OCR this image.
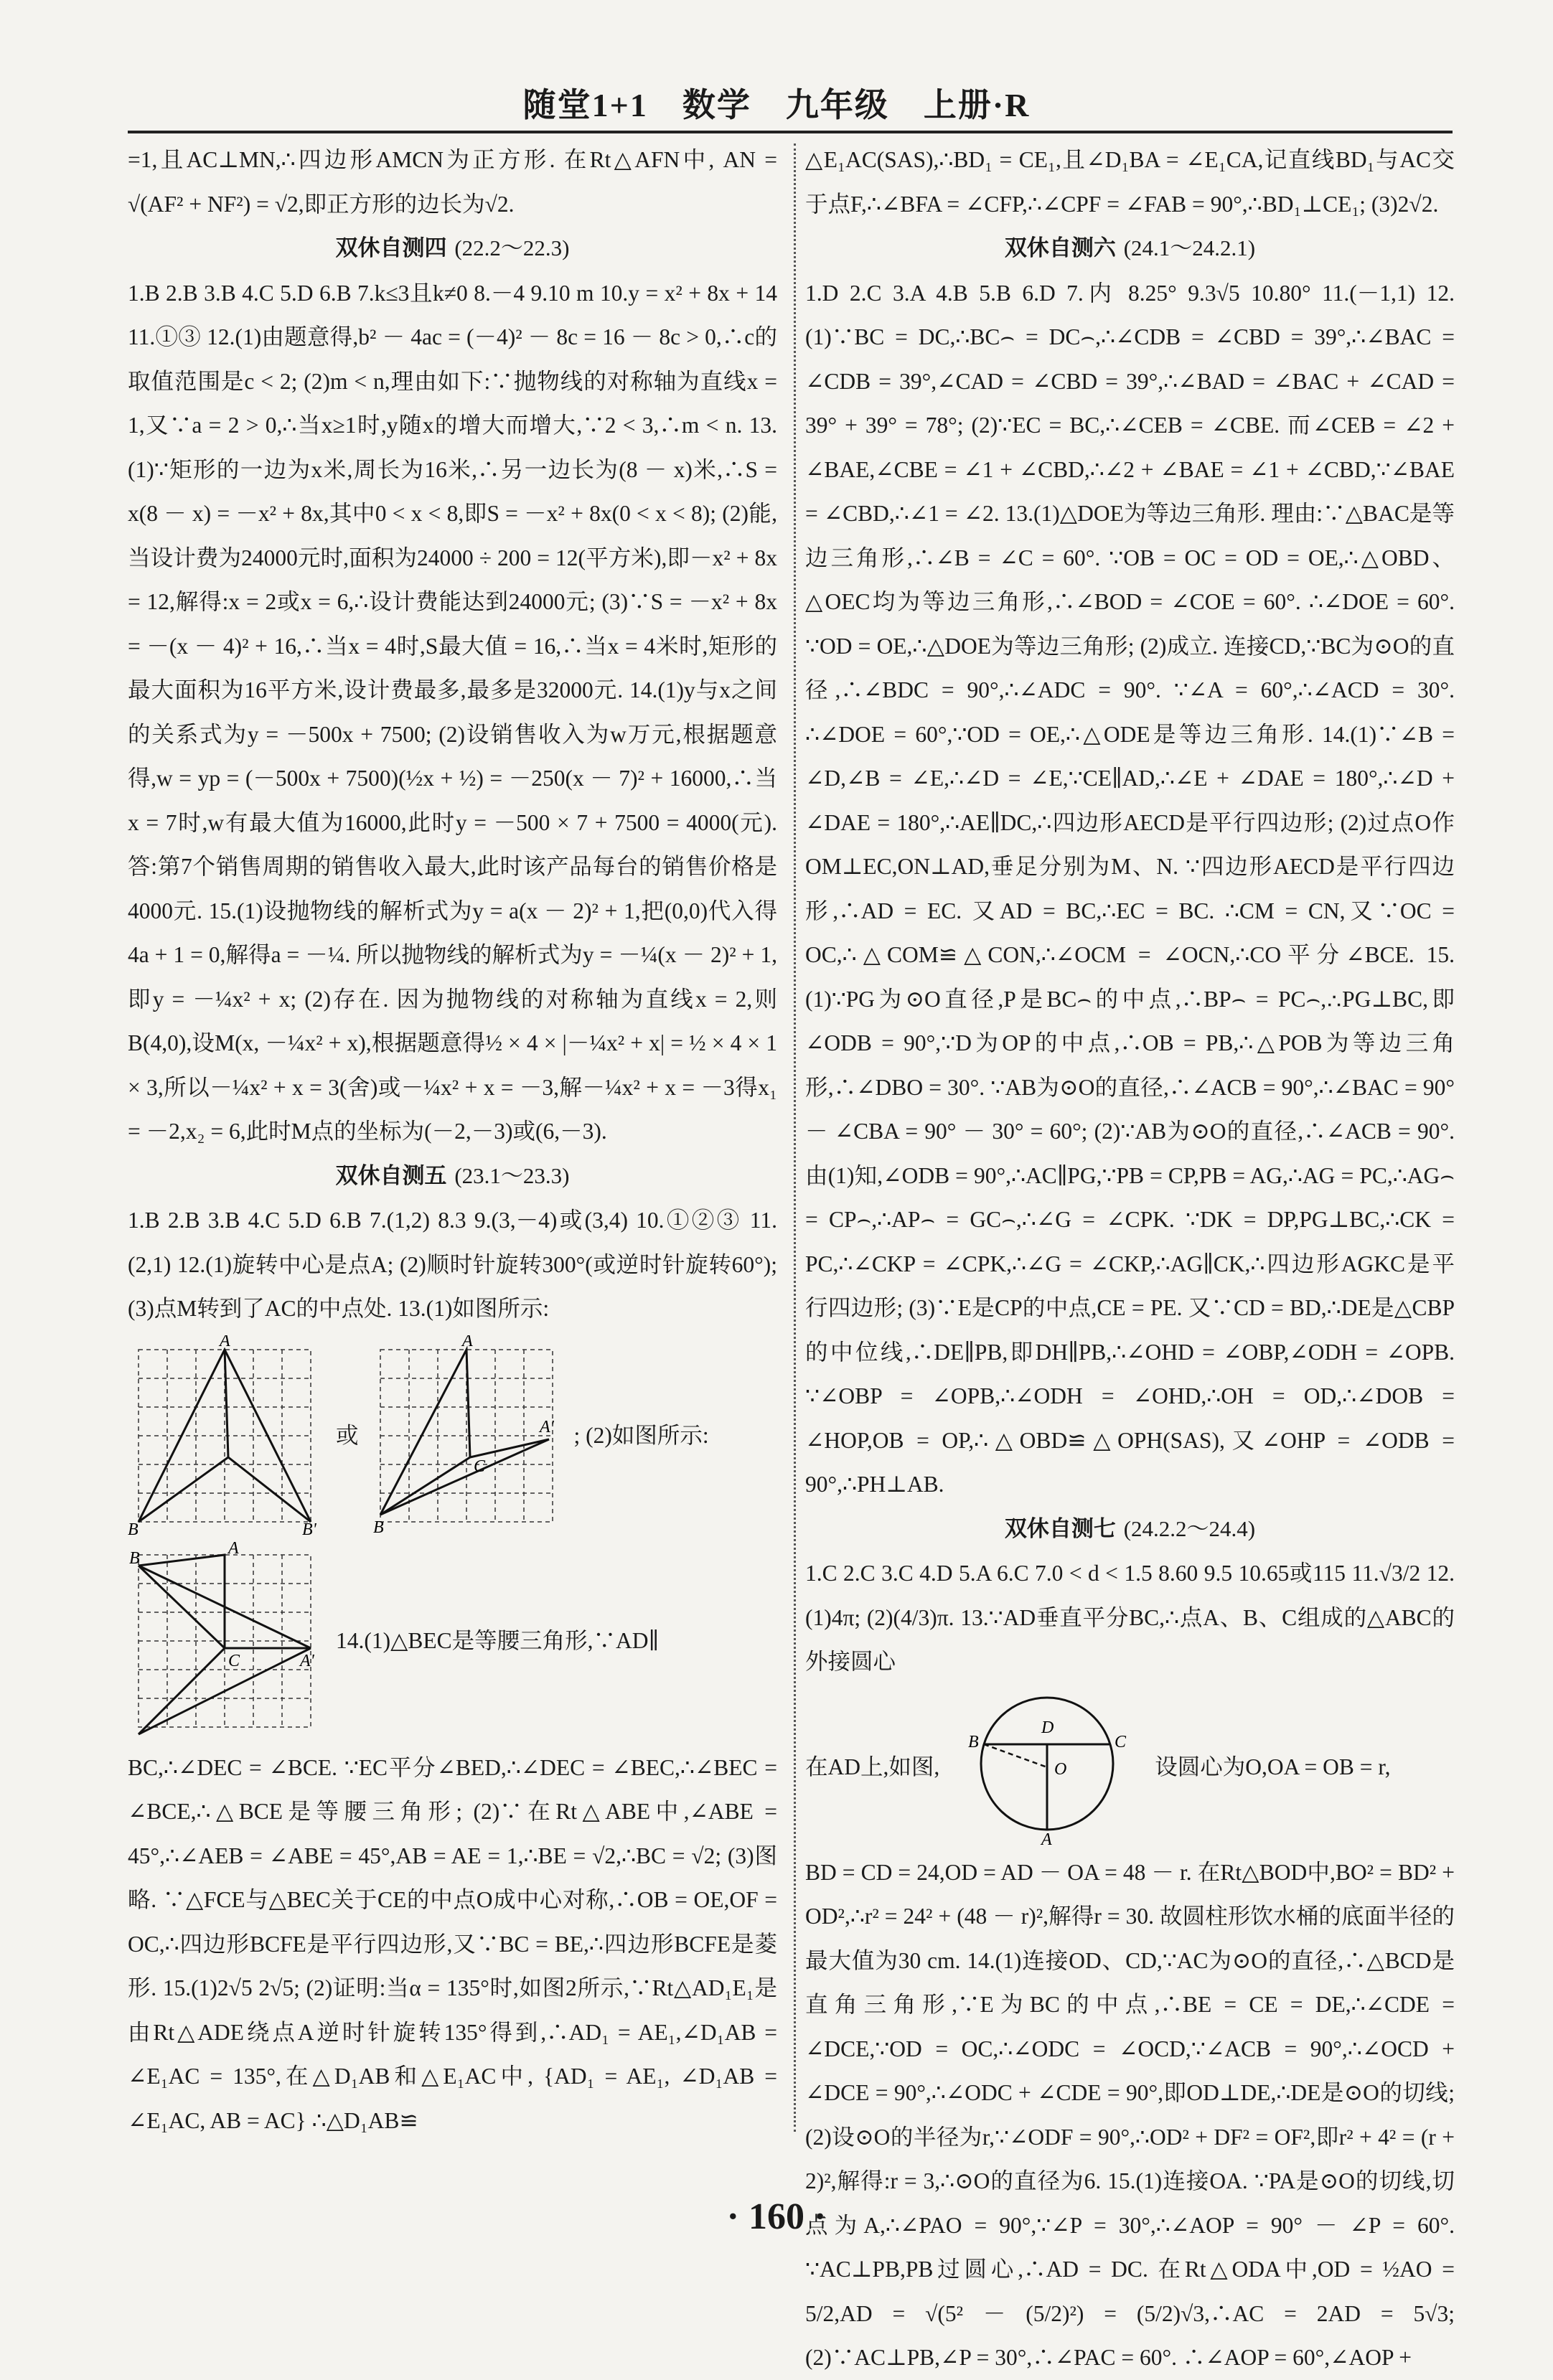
随堂1+1　数学　九年级　上册·R

=1,且AC⊥MN,∴四边形AMCN为正方形. 在Rt△AFN中, AN = √(AF² + NF²) = √2,即正方形的边长为√2.

双休自测四 (22.2～22.3)

1.B 2.B 3.B 4.C 5.D 6.B 7.k≤3且k≠0 8.－4 9.10 m 10.y = x² + 8x + 14 11.①③ 12.(1)由题意得,b² － 4ac = (－4)² － 8c = 16 － 8c > 0,∴c的取值范围是c < 2; (2)m < n,理由如下:∵抛物线的对称轴为直线x = 1,又∵a = 2 > 0,∴当x≥1时,y随x的增大而增大,∵2 < 3,∴m < n. 13.(1)∵矩形的一边为x米,周长为16米,∴另一边长为(8 － x)米,∴S = x(8 － x) = －x² + 8x,其中0 < x < 8,即S = －x² + 8x(0 < x < 8); (2)能,当设计费为24000元时,面积为24000 ÷ 200 = 12(平方米),即－x² + 8x = 12,解得:x = 2或x = 6,∴设计费能达到24000元; (3)∵S = －x² + 8x = －(x － 4)² + 16,∴当x = 4时,S最大值 = 16,∴当x = 4米时,矩形的最大面积为16平方米,设计费最多,最多是32000元. 14.(1)y与x之间的关系式为y = －500x + 7500; (2)设销售收入为w万元,根据题意得,w = yp = (－500x + 7500)(½x + ½) = －250(x － 7)² + 16000,∴当x = 7时,w有最大值为16000,此时y = －500 × 7 + 7500 = 4000(元). 答:第7个销售周期的销售收入最大,此时该产品每台的销售价格是4000元. 15.(1)设抛物线的解析式为y = a(x － 2)² + 1,把(0,0)代入得4a + 1 = 0,解得a = －¼. 所以抛物线的解析式为y = －¼(x － 2)² + 1,即y = －¼x² + x; (2)存在. 因为抛物线的对称轴为直线x = 2,则B(4,0),设M(x, －¼x² + x),根据题意得½ × 4 × |－¼x² + x| = ½ × 4 × 1 × 3,所以－¼x² + x = 3(舍)或－¼x² + x = －3,解－¼x² + x = －3得x₁ = －2,x₂ = 6,此时M点的坐标为(－2,－3)或(6,－3).

双休自测五 (23.1～23.3)

1.B 2.B 3.B 4.C 5.D 6.B 7.(1,2) 8.3 9.(3,－4)或(3,4) 10.①②③ 11.(2,1) 12.(1)旋转中心是点A; (2)顺时针旋转300°(或逆时针旋转60°); (3)点M转到了AC的中点处. 13.(1)如图所示:

A
B	B'
或
A
B
C
A' ; (2)如图所示:
B
A
C	A'
14.(1)△BEC是等腰三角形,∵AD∥

BC,∴∠DEC = ∠BCE. ∵EC平分∠BED,∴∠DEC = ∠BEC,∴∠BEC = ∠BCE,∴△BCE是等腰三角形; (2)∵在Rt△ABE中,∠ABE = 45°,∴∠AEB = ∠ABE = 45°,AB = AE = 1,∴BE = √2,∴BC = √2; (3)图略. ∵△FCE与△BEC关于CE的中点O成中心对称,∴OB = OE,OF = OC,∴四边形BCFE是平行四边形,又∵BC = BE,∴四边形BCFE是菱形. 15.(1)2√5 2√5; (2)证明:当α = 135°时,如图2所示,∵Rt△AD₁E₁是由Rt△ADE绕点A逆时针旋转135°得到,∴AD₁ = AE₁,∠D₁AB = ∠E₁AC = 135°,在△D₁AB和△E₁AC中, {AD₁ = AE₁, ∠D₁AB = ∠E₁AC, AB = AC} ∴△D₁AB≌

△E₁AC(SAS),∴BD₁ = CE₁,且∠D₁BA = ∠E₁CA,记直线BD₁与AC交于点F,∴∠BFA = ∠CFP,∴∠CPF = ∠FAB = 90°,∴BD₁⊥CE₁; (3)2√2.

双休自测六 (24.1～24.2.1)

1.D 2.C 3.A 4.B 5.B 6.D 7.内 8.25° 9.3√5 10.80° 11.(－1,1) 12.(1)∵BC = DC,∴BC⌢ = DC⌢,∴∠CDB = ∠CBD = 39°,∴∠BAC = ∠CDB = 39°,∠CAD = ∠CBD = 39°,∴∠BAD = ∠BAC + ∠CAD = 39° + 39° = 78°; (2)∵EC = BC,∴∠CEB = ∠CBE. 而∠CEB = ∠2 + ∠BAE,∠CBE = ∠1 + ∠CBD,∴∠2 + ∠BAE = ∠1 + ∠CBD,∵∠BAE = ∠CBD,∴∠1 = ∠2. 13.(1)△DOE为等边三角形. 理由:∵△BAC是等边三角形,∴∠B = ∠C = 60°. ∵OB = OC = OD = OE,∴△OBD、△OEC均为等边三角形,∴∠BOD = ∠COE = 60°. ∴∠DOE = 60°. ∵OD = OE,∴△DOE为等边三角形; (2)成立. 连接CD,∵BC为⊙O的直径,∴∠BDC = 90°,∴∠ADC = 90°. ∵∠A = 60°,∴∠ACD = 30°. ∴∠DOE = 60°,∵OD = OE,∴△ODE是等边三角形. 14.(1)∵∠B = ∠D,∠B = ∠E,∴∠D = ∠E,∵CE∥AD,∴∠E + ∠DAE = 180°,∴∠D + ∠DAE = 180°,∴AE∥DC,∴四边形AECD是平行四边形; (2)过点O作OM⊥EC,ON⊥AD,垂足分别为M、N. ∵四边形AECD是平行四边形,∴AD = EC. 又AD = BC,∴EC = BC. ∴CM = CN,又∵OC = OC,∴△COM≌△CON,∴∠OCM = ∠OCN,∴CO平分∠BCE. 15.(1)∵PG为⊙O直径,P是BC⌢的中点,∴BP⌢ = PC⌢,∴PG⊥BC,即∠ODB = 90°,∵D为OP的中点,∴OB = PB,∴△POB为等边三角形,∴∠DBO = 30°. ∵AB为⊙O的直径,∴∠ACB = 90°,∴∠BAC = 90° － ∠CBA = 90° － 30° = 60°; (2)∵AB为⊙O的直径,∴∠ACB = 90°. 由(1)知,∠ODB = 90°,∴AC∥PG,∵PB = CP,PB = AG,∴AG = PC,∴AG⌢ = CP⌢,∴AP⌢ = GC⌢,∴∠G = ∠CPK. ∵DK = DP,PG⊥BC,∴CK = PC,∴∠CKP = ∠CPK,∴∠G = ∠CKP,∴AG∥CK,∴四边形AGKC是平行四边形; (3)∵E是CP的中点,CE = PE. 又∵CD = BD,∴DE是△CBP的中位线,∴DE∥PB,即DH∥PB,∴∠OHD = ∠OBP,∠ODH = ∠OPB. ∵∠OBP = ∠OPB,∴∠ODH = ∠OHD,∴OH = OD,∴∠DOB = ∠HOP,OB = OP,∴△OBD≌△OPH(SAS),又∠OHP = ∠ODB = 90°,∴PH⊥AB.

双休自测七 (24.2.2～24.4)

1.C 2.C 3.C 4.D 5.A 6.C 7.0 < d < 1.5 8.60 9.5 10.65或115 11.√3/2 12.(1)4π; (2)(4/3)π. 13.∵AD垂直平分BC,∴点A、B、C组成的△ABC的外接圆心

在AD上,如图,
B
D
C
O
A
设圆心为O,OA = OB = r,

BD = CD = 24,OD = AD － OA = 48 － r. 在Rt△BOD中,BO² = BD² + OD²,∴r² = 24² + (48 － r)²,解得r = 30. 故圆柱形饮水桶的底面半径的最大值为30 cm. 14.(1)连接OD、CD,∵AC为⊙O的直径,∴△BCD是直角三角形,∵E为BC的中点,∴BE = CE = DE,∴∠CDE = ∠DCE,∵OD = OC,∴∠ODC = ∠OCD,∵∠ACB = 90°,∴∠OCD + ∠DCE = 90°,∴∠ODC + ∠CDE = 90°,即OD⊥DE,∴DE是⊙O的切线; (2)设⊙O的半径为r,∵∠ODF = 90°,∴OD² + DF² = OF²,即r² + 4² = (r + 2)²,解得:r = 3,∴⊙O的直径为6. 15.(1)连接OA. ∵PA是⊙O的切线,切点为A,∴∠PAO = 90°,∵∠P = 30°,∴∠AOP = 90° － ∠P = 60°. ∵AC⊥PB,PB过圆心,∴AD = DC. 在Rt△ODA中,OD = ½AO = 5/2,AD = √(5² － (5/2)²) = (5/2)√3,∴AC = 2AD = 5√3; (2)∵AC⊥PB,∠P = 30°,∴∠PAC = 60°. ∴∠AOP = 60°,∠AOP +

· 160 ·
